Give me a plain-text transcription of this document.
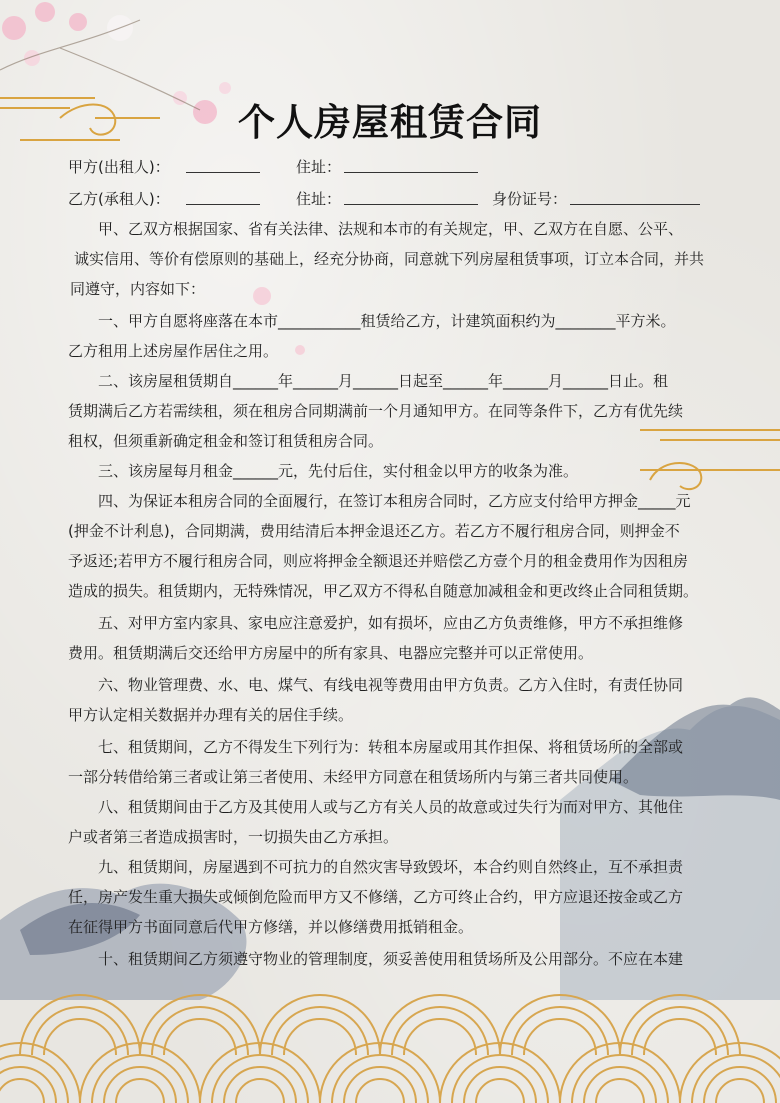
个人房屋租赁合同
甲方(出租人)：	住址：
乙方(承租人)：	住址：	身份证号：
甲、乙双方根据国家、省有关法律、法规和本市的有关规定，甲、乙双方在自愿、公平、
诚实信用、等价有偿原则的基础上，经充分协商，同意就下列房屋租赁事项，订立本合同，并共
同遵守，内容如下：
一、甲方自愿将座落在本市___________租赁给乙方，计建筑面积约为________平方米。
乙方租用上述房屋作居住之用。
二、该房屋租赁期自______年______月______日起至______年______月______日止。租
赁期满后乙方若需续租，须在租房合同期满前一个月通知甲方。在同等条件下，乙方有优先续
租权，但须重新确定租金和签订租赁租房合同。
三、该房屋每月租金______元，先付后住，实付租金以甲方的收条为准。
四、为保证本租房合同的全面履行，在签订本租房合同时，乙方应支付给甲方押金_____元
(押金不计利息)，合同期满，费用结清后本押金退还乙方。若乙方不履行租房合同，则押金不
予返还;若甲方不履行租房合同，则应将押金全额退还并赔偿乙方壹个月的租金费用作为因租房
造成的损失。租赁期内，无特殊情况，甲乙双方不得私自随意加减租金和更改终止合同租赁期。
五、对甲方室内家具、家电应注意爱护，如有损坏，应由乙方负责维修，甲方不承担维修
费用。租赁期满后交还给甲方房屋中的所有家具、电器应完整并可以正常使用。
六、物业管理费、水、电、煤气、有线电视等费用由甲方负责。乙方入住时，有责任协同
甲方认定相关数据并办理有关的居住手续。
七、租赁期间，乙方不得发生下列行为：转租本房屋或用其作担保、将租赁场所的全部或
一部分转借给第三者或让第三者使用、未经甲方同意在租赁场所内与第三者共同使用。
八、租赁期间由于乙方及其使用人或与乙方有关人员的故意或过失行为而对甲方、其他住
户或者第三者造成损害时，一切损失由乙方承担。
九、租赁期间，房屋遇到不可抗力的自然灾害导致毁坏，本合约则自然终止，互不承担责
任，房产发生重大损失或倾倒危险而甲方又不修缮，乙方可终止合约，甲方应退还按金或乙方
在征得甲方书面同意后代甲方修缮，并以修缮费用抵销租金。
十、租赁期间乙方须遵守物业的管理制度，须妥善使用租赁场所及公用部分。不应在本建
